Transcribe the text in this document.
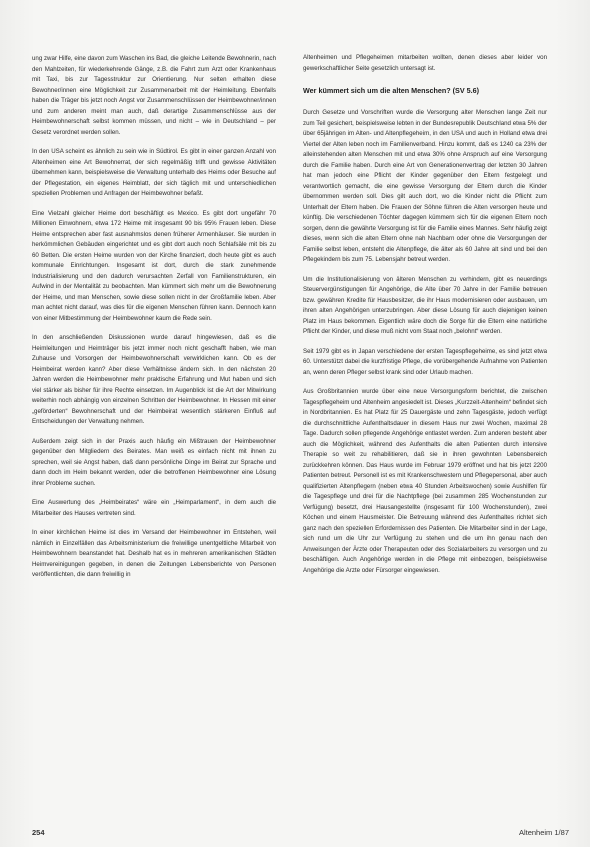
ung zwar Hilfe, eine davon zum Waschen ins Bad, die gleiche Leitende Bewohnerin, nach den Mahlzeiten, für wiederkehrende Gänge, z.B. die Fahrt zum Arzt oder Krankenhaus mit Taxi, bis zur Tagesstruktur zur Orientierung. Nur selten erhalten diese Bewohner/innen eine Möglichkeit zur Zusammenarbeit mit der Heimleitung. Ebenfalls haben die Träger bis jetzt noch Angst vor Zusammenschlüssen der Heimbewohner/innen und zum anderen meint man auch, daß derartige Zusammenschlüsse aus der Heimbewohnerschaft selbst kommen müssen, und nicht – wie in Deutschland – per Gesetz verordnet werden sollen.

In den USA scheint es ähnlich zu sein wie in Südtirol. Es gibt in einer ganzen Anzahl von Altenheimen eine Art Bewohnerrat, der sich regelmäßig trifft und gewisse Aktivitäten übernehmen kann, beispielsweise die Verwaltung unterhalb des Heims oder Besuche auf der Pflegestation, ein eigenes Heimblatt, der sich täglich mit und unterschiedlichen speziellen Problemen und Anfragen der Heimbewohner befaßt.

Eine Vielzahl gleicher Heime dort beschäftigt es Mexico. Es gibt dort ungefähr 70 Millionen Einwohnern, etwa 172 Heime mit insgesamt 90 bis 95% Frauen leben. Diese Heime entsprechen aber fast ausnahmslos denen früherer Armenhäuser. Sie wurden in herkömmlichen Gebäuden eingerichtet und es gibt dort auch noch Schlafsäle mit bis zu 60 Betten. Die ersten Heime wurden von der Kirche finanziert, doch heute gibt es auch kommunale Einrichtungen. Insgesamt ist dort, durch die stark zunehmende Industrialisierung und den dadurch verursachten Zerfall von Familienstrukturen, ein Aufwind in der Mentalität zu beobachten. Man kümmert sich mehr um die Bewohnerung der Heime, und man Menschen, sowie diese sollen nicht in der Großfamilie leben. Aber man achtet nicht darauf, was dies für die eigenen Menschen führen kann. Dennoch kann von einer Mitbestimmung der Heimbewohner kaum die Rede sein.

In den anschließenden Diskussionen wurde darauf hingewiesen, daß es die Heimleitungen und Heimträger bis jetzt immer noch nicht geschafft haben, wie man Zuhause und Vorsorgen der Heimbewohnerschaft verwirklichen kann. Ob es der Heimbeirat werden kann? Aber diese Verhältnisse ändern sich. In den nächsten 20 Jahren werden die Heimbewohner mehr praktische Erfahrung und Mut haben und sich viel stärker als bisher für ihre Rechte einsetzen. Im Augenblick ist die Art der Mitwirkung weiterhin noch abhängig von einzelnen Schritten der Heimbewohner. In Hessen mit einer „geförderten“ Bewohnerschaft und der Heimbeirat wesentlich stärkeren Einfluß auf Entscheidungen der Verwaltung nehmen.

Außerdem zeigt sich in der Praxis auch häufig ein Mißtrauen der Heimbewohner gegenüber den Mitgliedern des Beirates. Man weiß es einfach nicht mit ihnen zu sprechen, weil sie Angst haben, daß dann persönliche Dinge im Beirat zur Sprache und dann doch im Heim bekannt werden, oder die betroffenen Heimbewohner eine Lösung ihrer Probleme suchen.

Eine Auswertung des „Heimbeirates“ wäre ein „Heimparlament“, in dem auch die Mitarbeiter des Hauses vertreten sind.

In einer kirchlichen Heime ist dies im Versand der Heimbewohner im Entstehen, weil nämlich in Einzelfällen das Arbeitsministerium die freiwillige unentgeltliche Mitarbeit von Heimbewohnern beanstandet hat. Deshalb hat es in mehreren amerikanischen Städten Heimvereinigungen gegeben, in denen die Zeitungen Lebensberichte von Personen veröffentlichten, die dann freiwillig in

Altenheimen und Pflegeheimen mitarbeiten wollten, denen dieses aber leider von gewerkschaftlicher Seite gesetzlich untersagt ist.

Wer kümmert sich um die alten Menschen? (SV 5.6)

Durch Gesetze und Vorschriften wurde die Versorgung alter Menschen lange Zeit nur zum Teil gesichert, beispielsweise lebten in der Bundesrepublik Deutschland etwa 5% der über 65jährigen im Alten- und Altenpflegeheim, in den USA und auch in Holland etwa drei Viertel der Alten leben noch im Familienverband. Hinzu kommt, daß es 1240 ca 23% der alleinstehenden alten Menschen mit und etwa 30% ohne Anspruch auf eine Versorgung durch die Familie haben. Durch eine Art von Generationenvertrag der letzten 30 Jahren hat man jedoch eine Pflicht der Kinder gegenüber den Eltern festgelegt und verantwortlich gemacht, die eine gewisse Versorgung der Eltern durch die Kinder übernommen werden soll. Dies gilt auch dort, wo die Kinder nicht die Pflicht zum Unterhalt der Eltern haben. Die Frauen der Söhne führen die Alten versorgen heute und künftig. Die verschiedenen Töchter dagegen kümmern sich für die eigenen Eltern noch sorgen, denn die gewährte Versorgung ist für die Familie eines Mannes. Sehr häufig zeigt dieses, wenn sich die alten Eltern ohne nah Nachbarn oder ohne die Versorgungen der Familie selbst leben, entsteht die Altenpflege, die älter als 60 Jahre alt sind und bei den Pflegekindern bis zum 75. Lebensjahr betreut werden.

Um die Institutionalisierung von älteren Menschen zu verhindern, gibt es neuerdings Steuervergünstigungen für Angehörige, die Alte über 70 Jahre in der Familie betreuen bzw. gewähren Kredite für Hausbesitzer, die ihr Haus modernisieren oder ausbauen, um ihren alten Angehörigen unterzubringen. Aber diese Lösung für auch diejenigen keinen Platz im Haus bekommen. Eigentlich wäre doch die Sorge für die Eltern eine natürliche Pflicht der Kinder, und diese muß nicht vom Staat noch „belohnt“ werden.

Seit 1979 gibt es in Japan verschiedene der ersten Tagespflegeheime, es sind jetzt etwa 60. Unterstützt dabei die kurzfristige Pflege, die vorübergehende Aufnahme von Patienten an, wenn deren Pfleger selbst krank sind oder Urlaub machen.

Aus Großbritannien wurde über eine neue Versorgungsform berichtet, die zwischen Tagespflegeheim und Altenheim angesiedelt ist. Dieses „Kurzzeit-Altenheim“ befindet sich in Nordbritannien. Es hat Platz für 25 Dauergäste und zehn Tagesgäste, jedoch verfügt die durchschnittliche Aufenthaltsdauer in diesem Haus nur zwei Wochen, maximal 28 Tage. Dadurch sollen pflegende Angehörige entlastet werden. Zum anderen besteht aber auch die Möglichkeit, während des Aufenthalts die alten Patienten durch intensive Therapie so weit zu rehabilitieren, daß sie in ihren gewohnten Lebensbereich zurückkehren können. Das Haus wurde im Februar 1979 eröffnet und hat bis jetzt 2200 Patienten betreut. Personell ist es mit Krankenschwestern und Pflegepersonal, aber auch qualifizierten Altenpflegern (neben etwa 40 Stunden Arbeitswochen) sowie Aushilfen für die Tagespflege und drei für die Nachtpflege (bei zusammen 285 Wochenstunden zur Verfügung) besetzt, drei Hausangestellte (insgesamt für 100 Wochenstunden), zwei Köchen und einem Hausmeister. Die Betreuung während des Aufenthaltes richtet sich ganz nach den speziellen Erfordernissen des Patienten. Die Mitarbeiter sind in der Lage, sich rund um die Uhr zur Verfügung zu stehen und die um ihn genau nach den Anweisungen der Ärzte oder Therapeuten oder des Sozialarbeiters zu versorgen und zu beschäftigen. Auch Angehörige werden in die Pflege mit einbezogen, beispielsweise Angehörige die Arzte oder Fürsorger eingewiesen.

254	Altenheim 1/87
